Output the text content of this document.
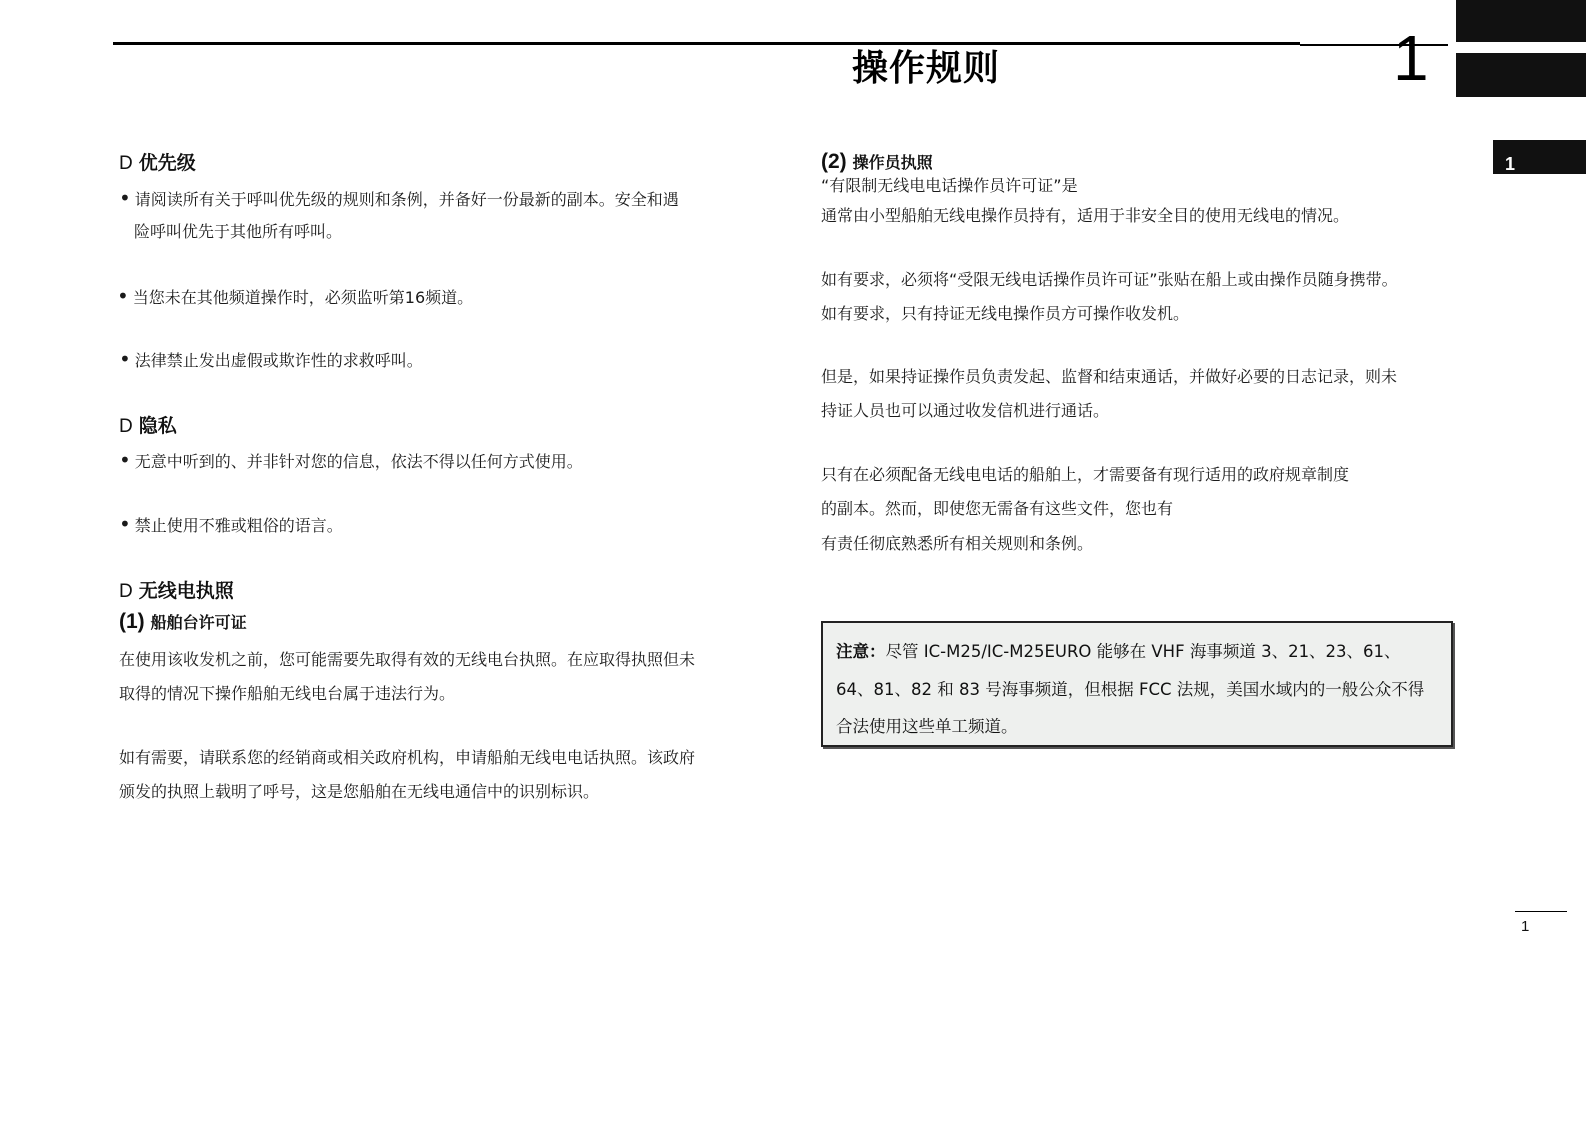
操作规则	1
1
D 优先级
• 请阅读所有关于呼叫优先级的规则和条例，并备好一份最新的副本。安全和遇
险呼叫优先于其他所有呼叫。
• 当您未在其他频道操作时，必须监听第16频道。
• 法律禁止发出虚假或欺诈性的求救呼叫。
D 隐私
• 无意中听到的、并非针对您的信息，依法不得以任何方式使用。
• 禁止使用不雅或粗俗的语言。
D 无线电执照
(1) 船舶台许可证
在使用该收发机之前，您可能需要先取得有效的无线电台执照。在应取得执照但未
取得的情况下操作船舶无线电台属于违法行为。
如有需要，请联系您的经销商或相关政府机构，申请船舶无线电电话执照。该政府
颁发的执照上载明了呼号，这是您船舶在无线电通信中的识别标识。
(2) 操作员执照
“有限制无线电电话操作员许可证”是
通常由小型船舶无线电操作员持有，适用于非安全目的使用无线电的情况。
如有要求，必须将“受限无线电话操作员许可证”张贴在船上或由操作员随身携带。
如有要求，只有持证无线电操作员方可操作收发机。
但是，如果持证操作员负责发起、监督和结束通话，并做好必要的日志记录，则未
持证人员也可以通过收发信机进行通话。
只有在必须配备无线电电话的船舶上，才需要备有现行适用的政府规章制度
的副本。然而，即使您无需备有这些文件，您也有
有责任彻底熟悉所有相关规则和条例。
注意：尽管 IC-M25/IC-M25EURO 能够在 VHF 海事频道 3、21、23、61、
64、81、82 和 83 号海事频道，但根据 FCC 法规，美国水域内的一般公众不得
合法使用这些单工频道。
1
